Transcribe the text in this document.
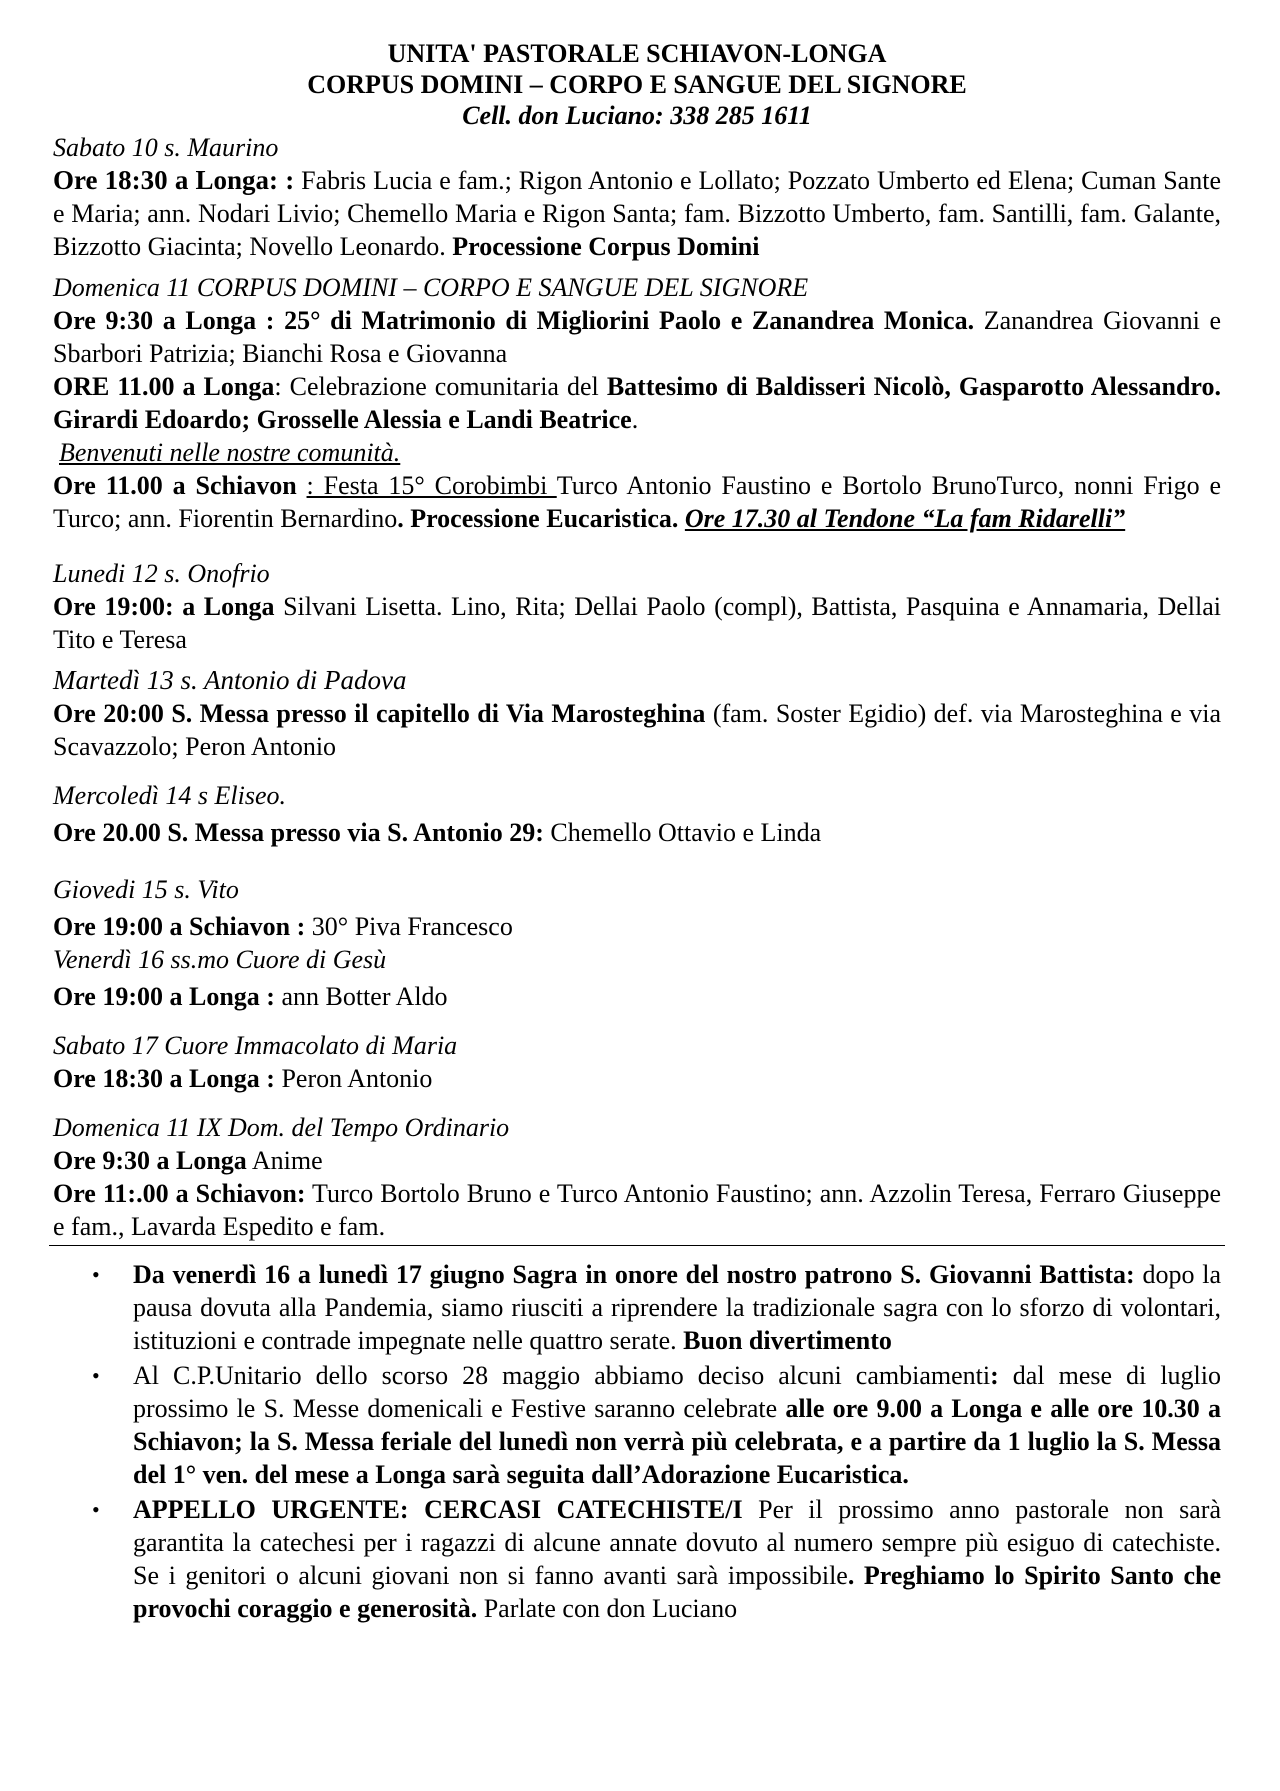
UNITA' PASTORALE SCHIAVON-LONGA
CORPUS DOMINI – CORPO E SANGUE DEL SIGNORE
Cell. don Luciano: 338 285 1611
Sabato 10 s. Maurino
Ore 18:30 a Longa: : Fabris Lucia e fam.; Rigon Antonio e Lollato; Pozzato Umberto ed Elena; Cuman Sante e Maria; ann. Nodari Livio; Chemello Maria e Rigon Santa; fam. Bizzotto Umberto, fam. Santilli, fam. Galante, Bizzotto Giacinta; Novello Leonardo. Processione Corpus Domini
Domenica 11 CORPUS DOMINI – CORPO E SANGUE DEL SIGNORE
Ore 9:30 a Longa : 25° di Matrimonio di Migliorini Paolo e Zanandrea Monica. Zanandrea Giovanni e Sbarbori Patrizia; Bianchi Rosa e Giovanna
ORE 11.00 a Longa: Celebrazione comunitaria del Battesimo di Baldisseri Nicolò, Gasparotto Alessandro. Girardi Edoardo; Grosselle Alessia e Landi Beatrice.
Benvenuti nelle nostre comunità.
Ore 11.00 a Schiavon : Festa 15° Corobimbi Turco Antonio Faustino e Bortolo BrunoTurco, nonni Frigo e Turco; ann. Fiorentin Bernardino. Processione Eucaristica. Ore 17.30 al Tendone “La fam Ridarelli”
Lunedi 12 s. Onofrio
Ore 19:00: a Longa Silvani Lisetta. Lino, Rita; Dellai Paolo (compl), Battista, Pasquina e Annamaria, Dellai Tito e Teresa
Martedì 13 s. Antonio di Padova
Ore 20:00 S. Messa presso il capitello di Via Marosteghina (fam. Soster Egidio) def. via Marosteghina e via Scavazzolo; Peron Antonio
Mercoledì 14 s Eliseo.
Ore 20.00 S. Messa presso via S. Antonio 29: Chemello Ottavio e Linda
Giovedi 15 s. Vito
Ore 19:00 a Schiavon : 30° Piva Francesco
Venerdì 16 ss.mo Cuore di Gesù
Ore 19:00 a Longa : ann Botter Aldo
Sabato 17 Cuore Immacolato di Maria
Ore 18:30 a Longa : Peron Antonio
Domenica 11 IX Dom. del Tempo Ordinario
Ore 9:30 a Longa Anime
Ore 11:.00 a Schiavon: Turco Bortolo Bruno e Turco Antonio Faustino; ann. Azzolin Teresa, Ferraro Giuseppe e fam., Lavarda Espedito e fam.
• Da venerdì 16 a lunedì 17 giugno Sagra in onore del nostro patrono S. Giovanni Battista: dopo la pausa dovuta alla Pandemia, siamo riusciti a riprendere la tradizionale sagra con lo sforzo di volontari, istituzioni e contrade impegnate nelle quattro serate. Buon divertimento
• Al C.P.Unitario dello scorso 28 maggio abbiamo deciso alcuni cambiamenti: dal mese di luglio prossimo le S. Messe domenicali e Festive saranno celebrate alle ore 9.00 a Longa e alle ore 10.30 a Schiavon; la S. Messa feriale del lunedì non verrà più celebrata, e a partire da 1 luglio la S. Messa del 1° ven. del mese a Longa sarà seguita dall’Adorazione Eucaristica.
• APPELLO URGENTE: CERCASI CATECHISTE/I Per il prossimo anno pastorale non sarà garantita la catechesi per i ragazzi di alcune annate dovuto al numero sempre più esiguo di catechiste. Se i genitori o alcuni giovani non si fanno avanti sarà impossibile. Preghiamo lo Spirito Santo che provochi coraggio e generosità. Parlate con don Luciano
